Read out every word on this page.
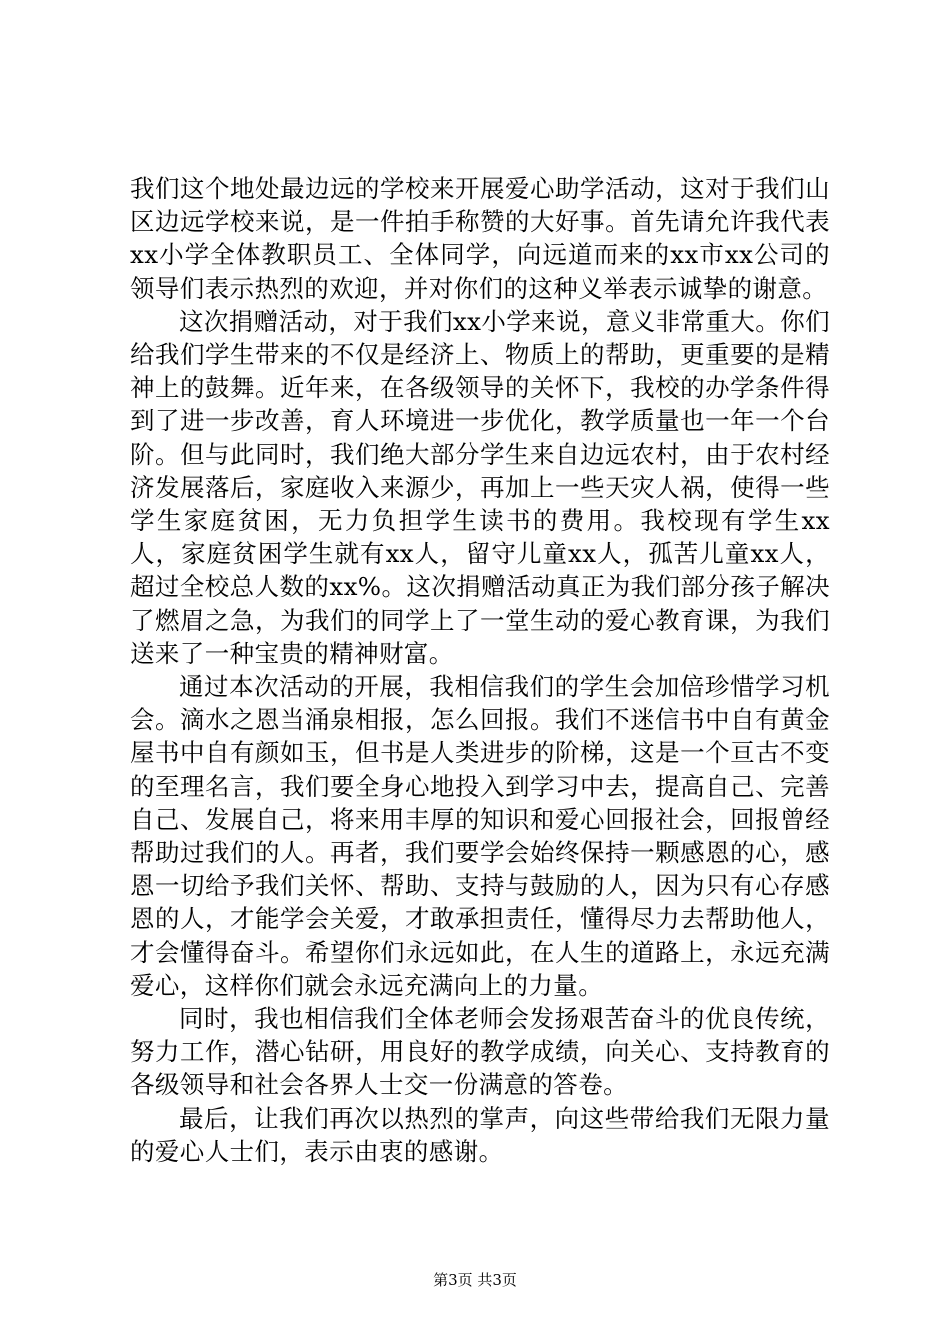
我们这个地处最边远的学校来开展爱心助学活动，这对于我们山区边远学校来说，是一件拍手称赞的大好事。首先请允许我代表xx小学全体教职员工、全体同学，向远道而来的xx市xx公司的领导们表示热烈的欢迎，并对你们的这种义举表示诚挚的谢意。

这次捐赠活动，对于我们xx小学来说，意义非常重大。你们给我们学生带来的不仅是经济上、物质上的帮助，更重要的是精神上的鼓舞。近年来，在各级领导的关怀下，我校的办学条件得到了进一步改善，育人环境进一步优化，教学质量也一年一个台阶。但与此同时，我们绝大部分学生来自边远农村，由于农村经济发展落后，家庭收入来源少，再加上一些天灾人祸，使得一些学生家庭贫困，无力负担学生读书的费用。我校现有学生xx人，家庭贫困学生就有xx人，留守儿童xx人，孤苦儿童xx人，超过全校总人数的xx%。这次捐赠活动真正为我们部分孩子解决了燃眉之急，为我们的同学上了一堂生动的爱心教育课，为我们送来了一种宝贵的精神财富。

通过本次活动的开展，我相信我们的学生会加倍珍惜学习机会。滴水之恩当涌泉相报，怎么回报。我们不迷信书中自有黄金屋书中自有颜如玉，但书是人类进步的阶梯，这是一个亘古不变的至理名言，我们要全身心地投入到学习中去，提高自己、完善自己、发展自己，将来用丰厚的知识和爱心回报社会，回报曾经帮助过我们的人。再者，我们要学会始终保持一颗感恩的心，感恩一切给予我们关怀、帮助、支持与鼓励的人，因为只有心存感恩的人，才能学会关爱，才敢承担责任，懂得尽力去帮助他人，才会懂得奋斗。希望你们永远如此，在人生的道路上，永远充满爱心，这样你们就会永远充满向上的力量。

同时，我也相信我们全体老师会发扬艰苦奋斗的优良传统，努力工作，潜心钻研，用良好的教学成绩，向关心、支持教育的各级领导和社会各界人士交一份满意的答卷。

最后，让我们再次以热烈的掌声，向这些带给我们无限力量的爱心人士们，表示由衷的感谢。

第3页 共3页
